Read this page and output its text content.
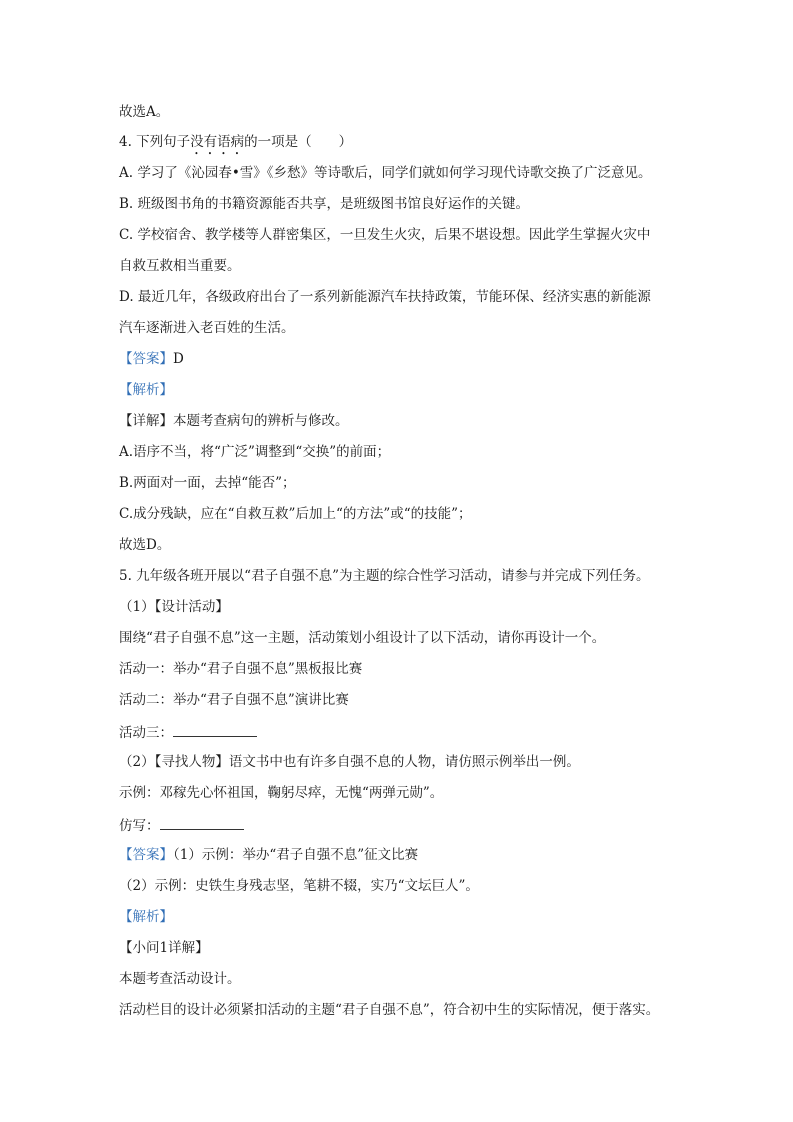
故选A。
4. 下列句子没有语病的一项是（　　）
A. 学习了《沁园春•雪》《乡愁》等诗歌后，同学们就如何学习现代诗歌交换了广泛意见。
B. 班级图书角的书籍资源能否共享，是班级图书馆良好运作的关键。
C. 学校宿舍、教学楼等人群密集区，一旦发生火灾，后果不堪设想。因此学生掌握火灾中
自救互救相当重要。
D. 最近几年，各级政府出台了一系列新能源汽车扶持政策，节能环保、经济实惠的新能源
汽车逐渐进入老百姓的生活。
【答案】D
【解析】
【详解】本题考查病句的辨析与修改。
A.语序不当，将“广泛”调整到“交换”的前面；
B.两面对一面，去掉“能否”；
C.成分残缺，应在“自救互救”后加上“的方法”或“的技能”；
故选D。
5. 九年级各班开展以“君子自强不息”为主题的综合性学习活动，请参与并完成下列任务。
（1）【设计活动】
围绕“君子自强不息”这一主题，活动策划小组设计了以下活动，请你再设计一个。
活动一：举办“君子自强不息”黑板报比赛
活动二：举办“君子自强不息”演讲比赛
活动三：
（2）【寻找人物】语文书中也有许多自强不息的人物，请仿照示例举出一例。
示例：邓稼先心怀祖国，鞠躬尽瘁，无愧“两弹元勋”。
仿写：
【答案】（1）示例：举办“君子自强不息”征文比赛
（2）示例：史铁生身残志坚，笔耕不辍，实乃“文坛巨人”。
【解析】
【小问1详解】
本题考查活动设计。
活动栏目的设计必须紧扣活动的主题“君子自强不息”，符合初中生的实际情况，便于落实。
